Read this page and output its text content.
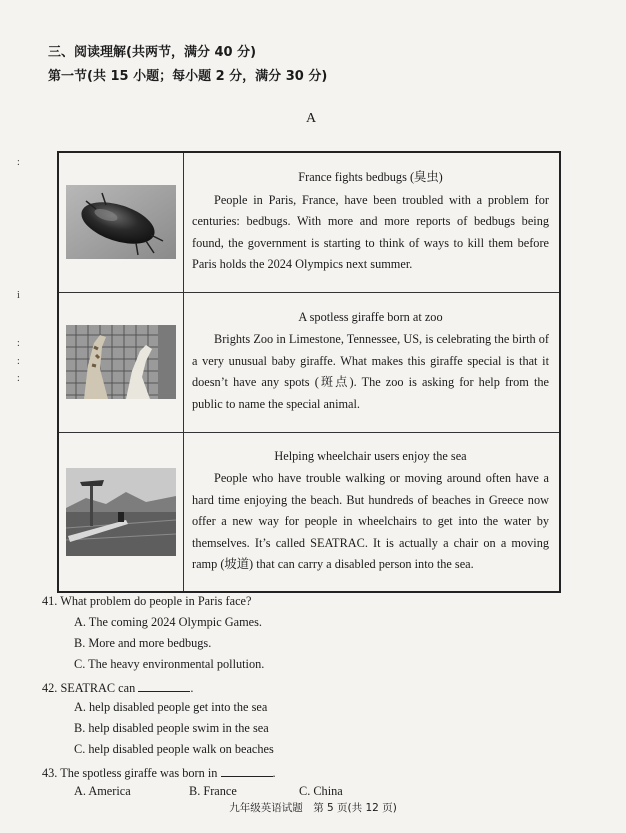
三、阅读理解(共两节，满分 40 分)
第一节(共 15 小题；每小题 2 分，满分 30 分)
A
:
i
:
:
:

France fights bedbugs (臭虫)
People in Paris, France, have been troubled with a problem for centuries: bedbugs. With more and more reports of bedbugs being found, the government is starting to think of ways to kill them before Paris holds the 2024 Olympics next summer.

A spotless giraffe born at zoo
Brights Zoo in Limestone, Tennessee, US, is celebrating the birth of a very unusual baby giraffe. What makes this giraffe special is that it doesn’t have any spots (斑点). The zoo is asking for help from the public to name the special animal.

Helping wheelchair users enjoy the sea
People who have trouble walking or moving around often have a hard time enjoying the beach. But hundreds of beaches in Greece now offer a new way for people in wheelchairs to get into the water by themselves. It’s called SEATRAC. It is actually a chair on a moving ramp (坡道) that can carry a disabled person into the sea.
41. What problem do people in Paris face?
A. The coming 2024 Olympic Games.
B. More and more bedbugs.
C. The heavy environmental pollution.
42. SEATRAC can	.
A. help disabled people get into the sea
B. help disabled people swim in the sea
C. help disabled people walk on beaches
43. The spotless giraffe was born in	.
A. America	B. France	C. China
九年级英语试题　第 5 页(共 12 页)
